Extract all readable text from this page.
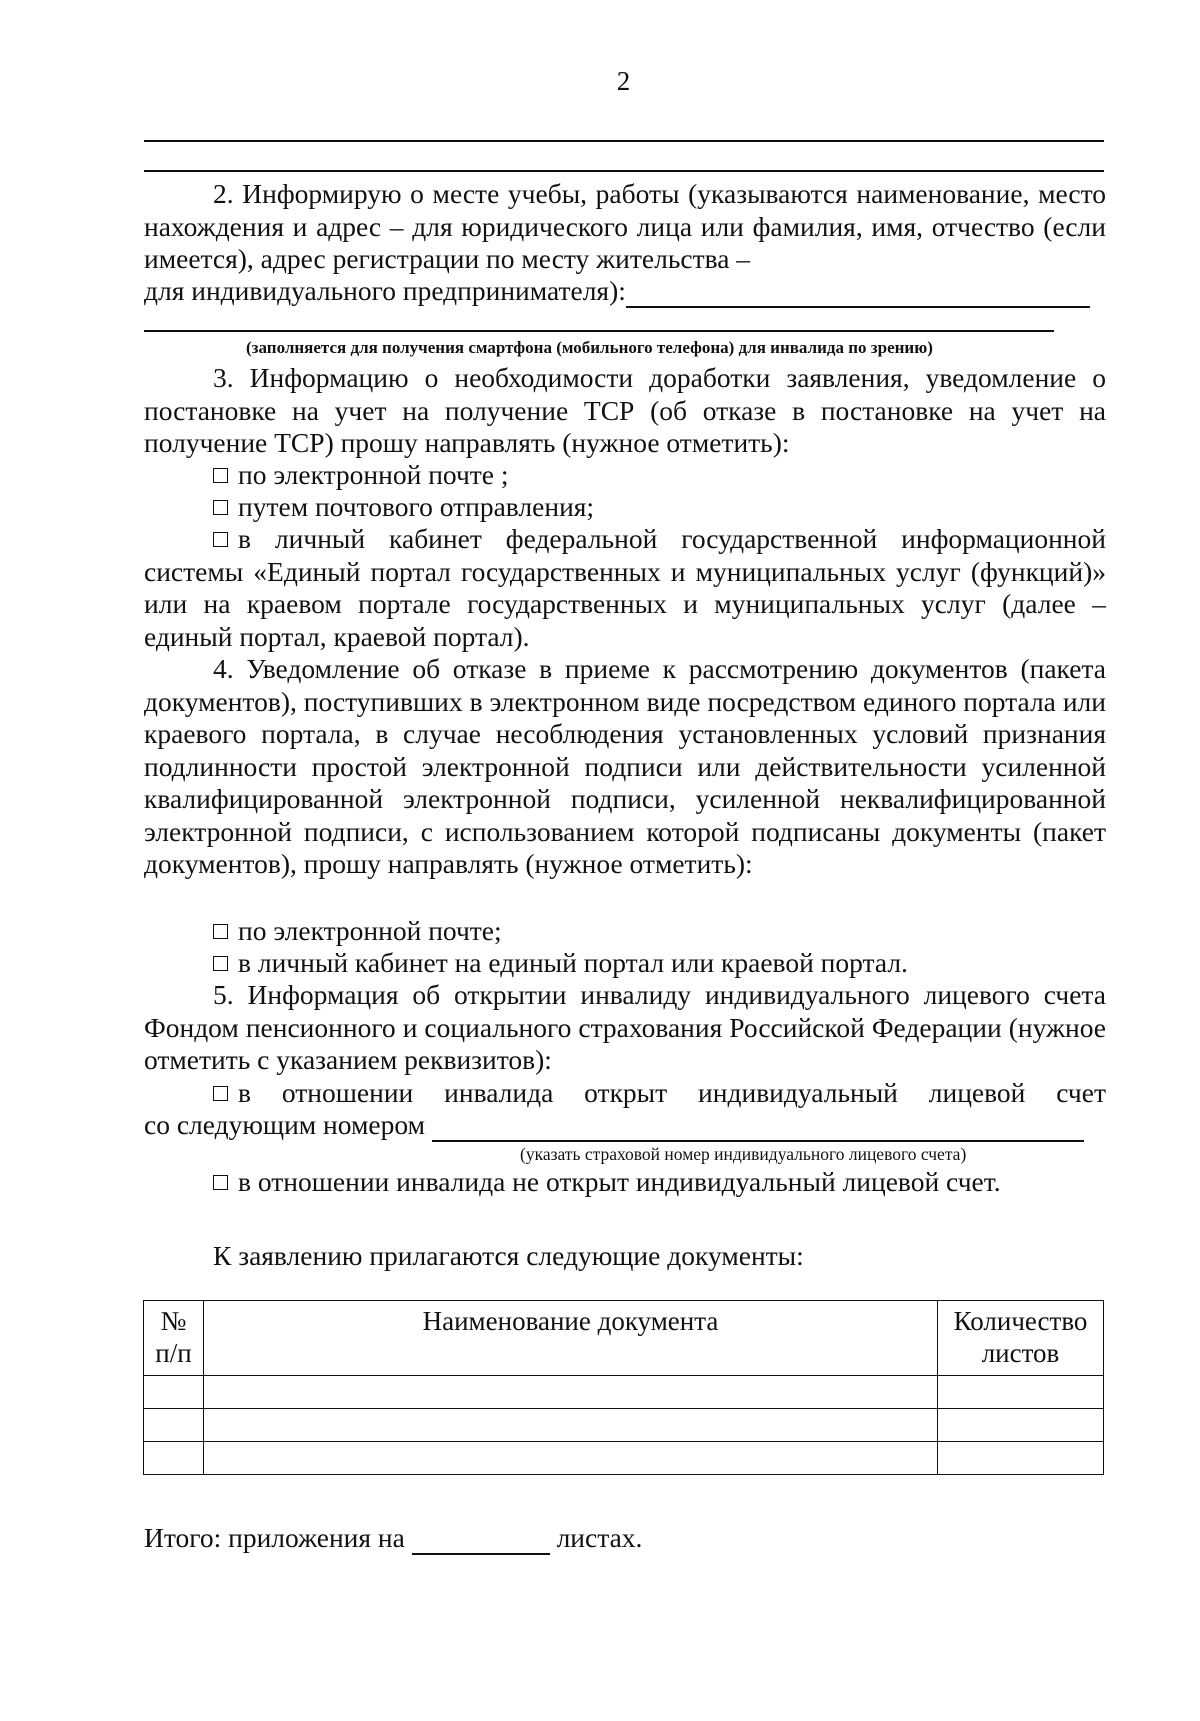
2
2. Информирую о месте учебы, работы (указываются наименование, место нахождения и адрес – для юридического лица или фамилия, имя, отчество (если имеется), адрес регистрации по месту жительства –
для индивидуального предпринимателя):
(заполняется для получения смартфона (мобильного телефона) для инвалида по зрению)
3. Информацию о необходимости доработки заявления, уведомление о постановке на учет на получение ТСР (об отказе в постановке на учет на получение ТСР) прошу направлять (нужное отметить):
по электронной почте ;
путем почтового отправления;
в личный кабинет федеральной государственной информационной системы «Единый портал государственных и муниципальных услуг (функций)» или на краевом портале государственных и муниципальных услуг (далее – единый портал, краевой портал).
4. Уведомление об отказе в приеме к рассмотрению документов (пакета документов), поступивших в электронном виде посредством единого портала или краевого портала, в случае несоблюдения установленных условий признания подлинности простой электронной подписи или действительности усиленной квалифицированной электронной подписи, усиленной неквалифицированной электронной подписи, с использованием которой подписаны документы (пакет документов), прошу направлять (нужное отметить):
по электронной почте;
в личный кабинет на единый портал или краевой портал.
5. Информация об открытии инвалиду индивидуального лицевого счета Фондом пенсионного и социального страхования Российской Федерации (нужное отметить с указанием реквизитов):
в отношении инвалида открыт индивидуальный лицевой счет
со следующим номером
(указать страховой номер индивидуального лицевого счета)
в отношении инвалида не открыт индивидуальный лицевой счет.
К заявлению прилагаются следующие документы:
№ п/п	Наименование документа	Количество листов

Итого: приложения на	листах.
